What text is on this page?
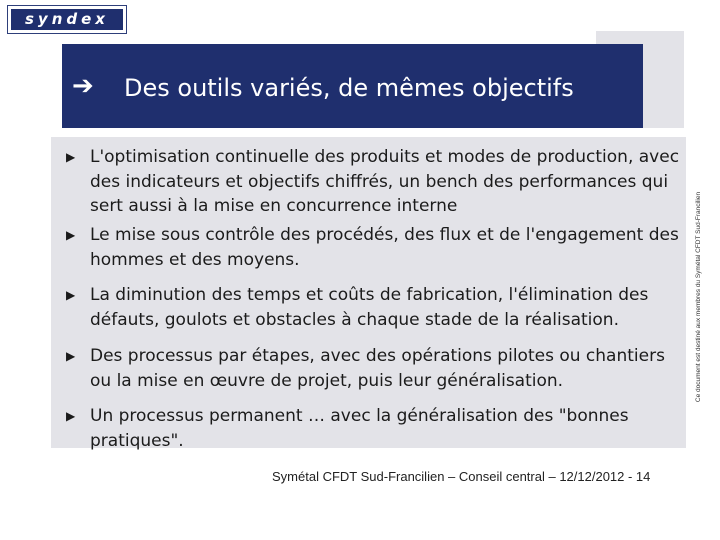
syndex
➔ Des outils variés, de mêmes objectifs
▶ L'optimisation continuelle des produits et modes de production, avec des indicateurs et objectifs chiffrés, un bench des performances qui sert aussi à la mise en concurrence interne
▶ Le mise sous contrôle des procédés, des flux et de l'engagement des hommes et des moyens.
▶ La diminution des temps et coûts de fabrication, l'élimination des défauts, goulots et obstacles à chaque stade de la réalisation.
▶ Des processus par étapes, avec des opérations pilotes ou chantiers ou la mise en œuvre de projet, puis leur généralisation.
▶ Un processus permanent … avec la généralisation des "bonnes pratiques".
Ce document est destiné aux membres du Symétal CFDT Sud-Francilien
Symétal CFDT Sud-Francilien – Conseil central – 12/12/2012 - 14
